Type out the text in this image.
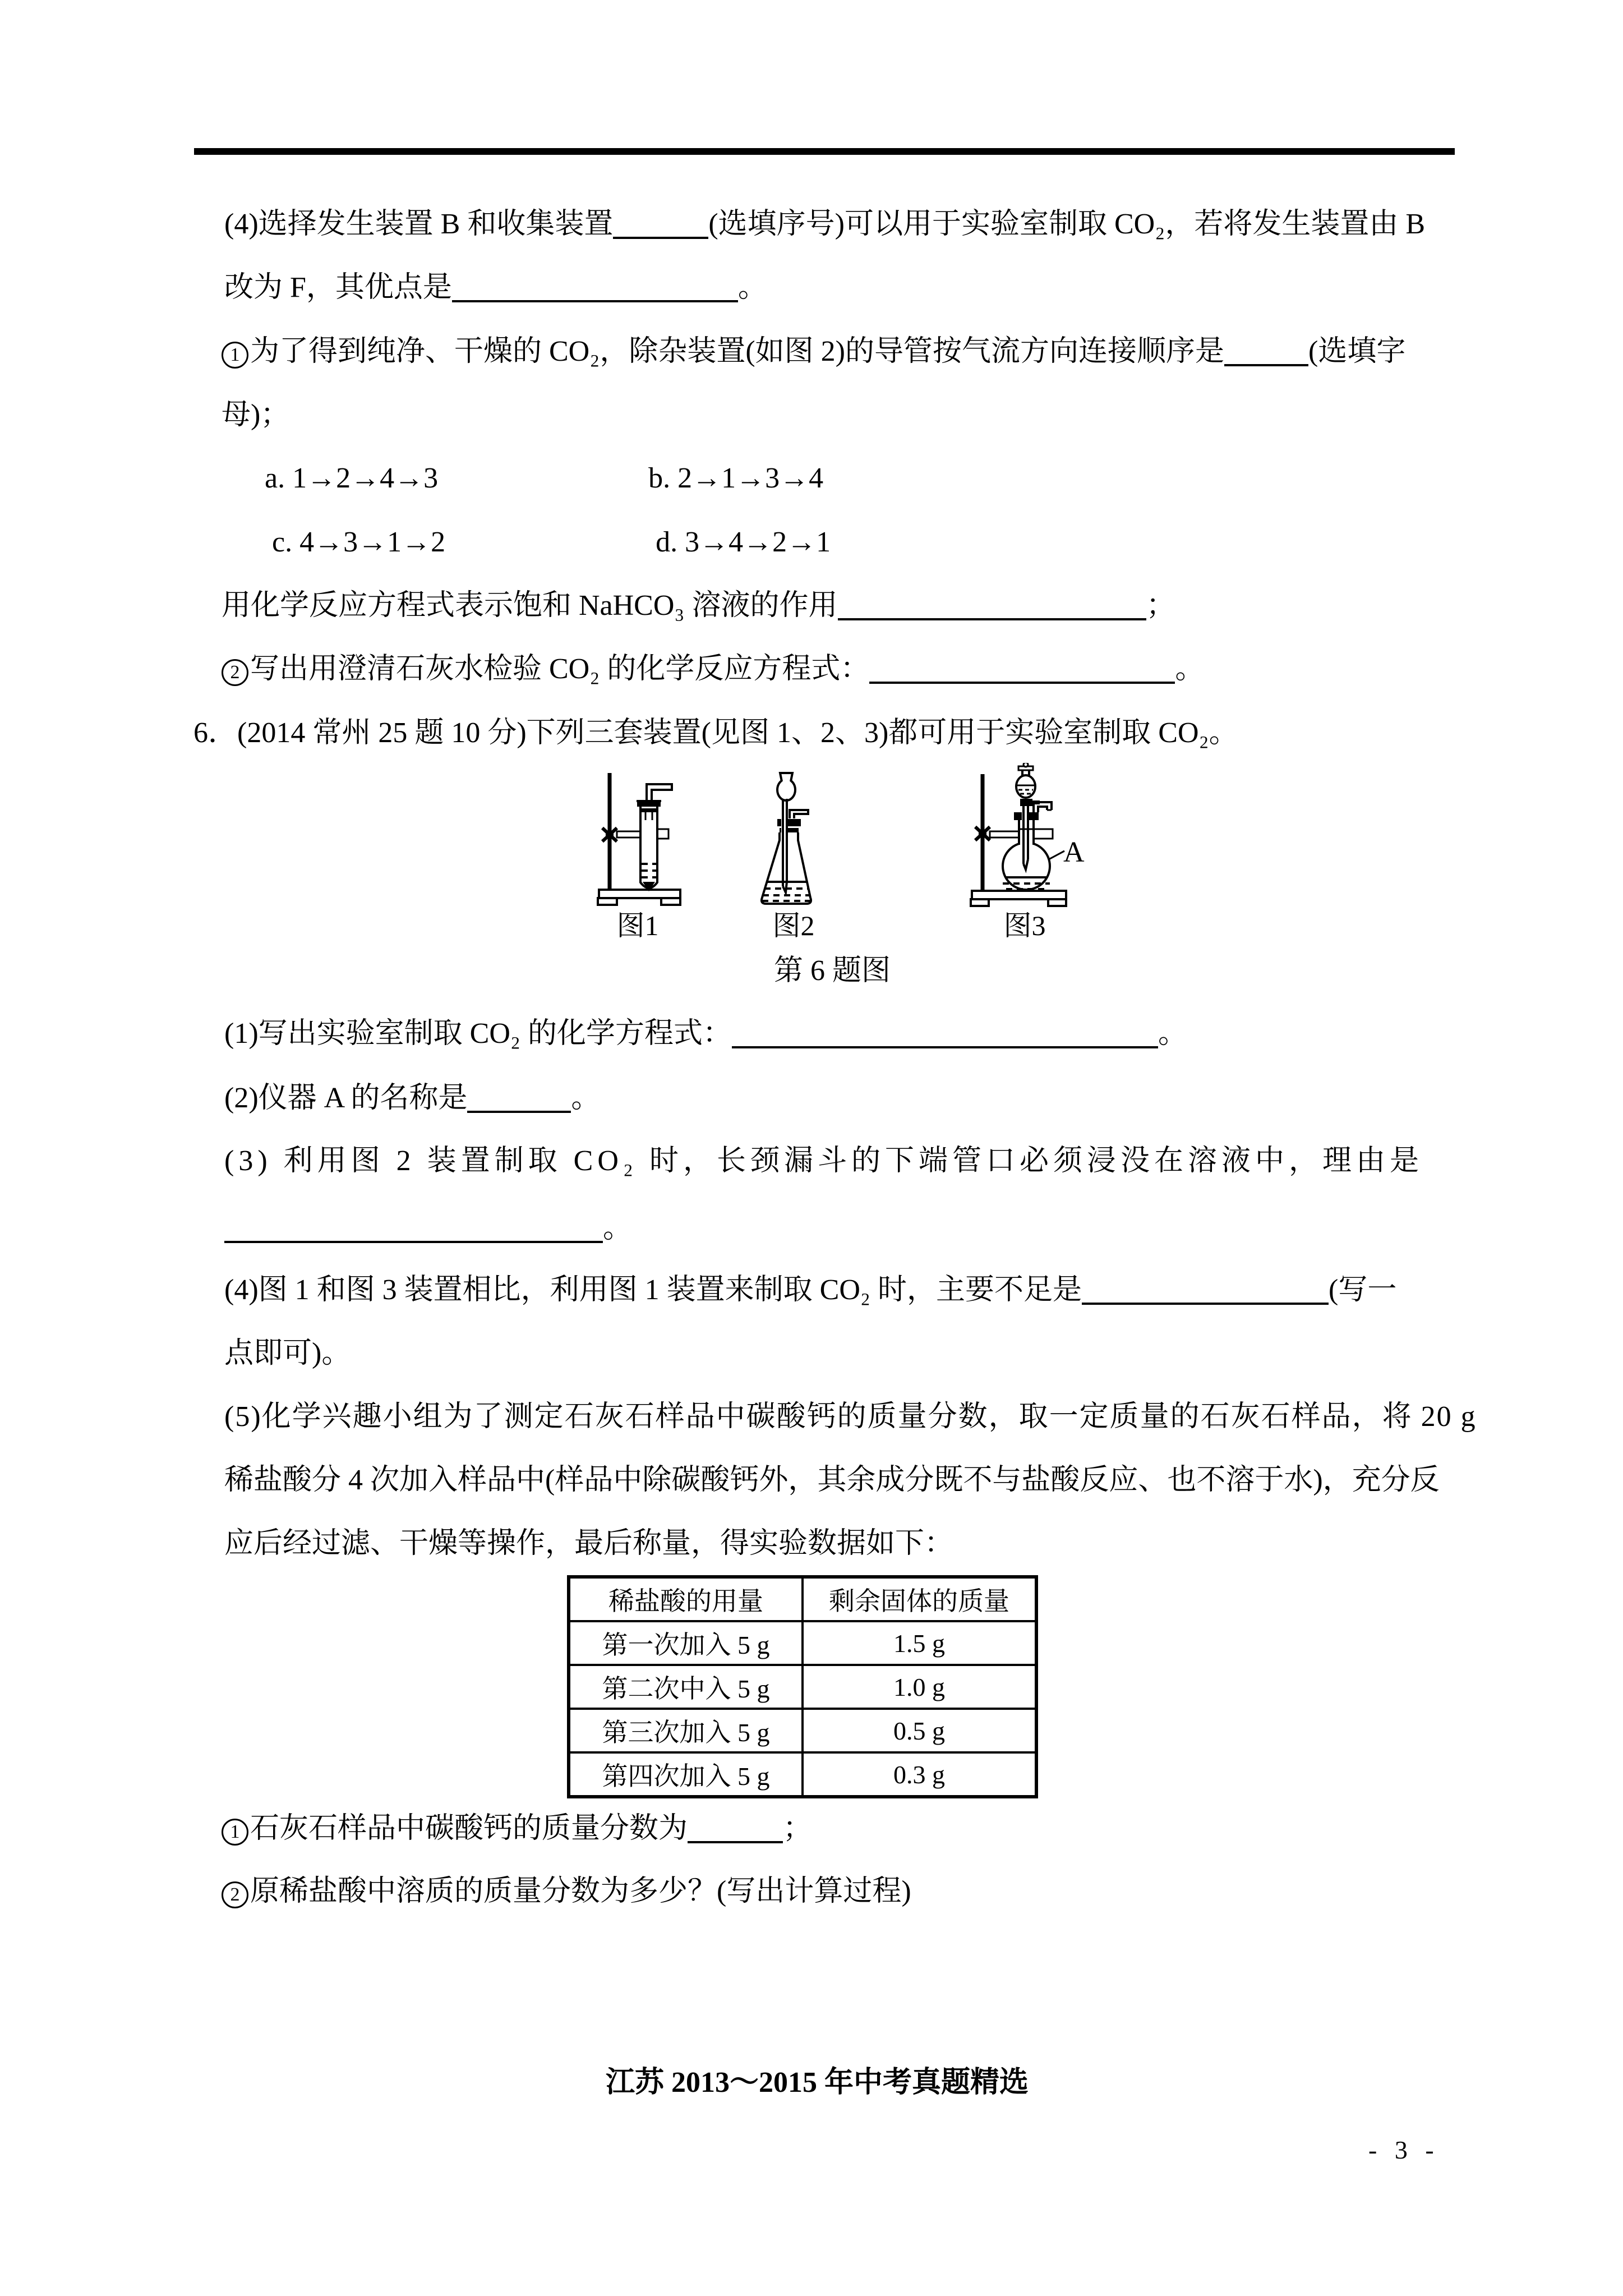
(4)选择发生装置 B 和收集装置	(选填序号)可以用于实验室制取 CO₂，若将发生装置由 B
改为 F，其优点是	。
1 为了得到纯净、干燥的 CO₂，除杂装置(如图 2)的导管按气流方向连接顺序是	(选填字
母)；
a. 1→2→4→3	b. 2→1→3→4
c. 4→3→1→2	d. 3→4→2→1
用化学反应方程式表示饱和 NaHCO₃ 溶液的作用	；
2 写出用澄清石灰水检验 CO₂ 的化学反应方程式：	。
6．(2014 常州 25 题 10 分)下列三套装置(见图 1、2、3)都可用于实验室制取 CO₂。
(1)写出实验室制取 CO₂ 的化学方程式：	。
(2)仪器 A 的名称是	。
(3) 利用图 2 装置制取 CO₂ 时，长颈漏斗的下端管口必须浸没在溶液中，理由是
。
(4)图 1 和图 3 装置相比，利用图 1 装置来制取 CO₂ 时，主要不足是	(写一
点即可)。
(5)化学兴趣小组为了测定石灰石样品中碳酸钙的质量分数，取一定质量的石灰石样品，将 20 g
稀盐酸分 4 次加入样品中(样品中除碳酸钙外，其余成分既不与盐酸反应、也不溶于水)，充分反
应后经过滤、干燥等操作，最后称量，得实验数据如下：
1 石灰石样品中碳酸钙的质量分数为	；
2 原稀盐酸中溶质的质量分数为多少？(写出计算过程)
图1	图2	图3
A
第 6 题图
稀盐酸的用量	剩余固体的质量
第一次加入 5 g	1.5 g
第二次中入 5 g	1.0 g
第三次加入 5 g	0.5 g
第四次加入 5 g	0.3 g
江苏 2013～2015 年中考真题精选
- 3 -
